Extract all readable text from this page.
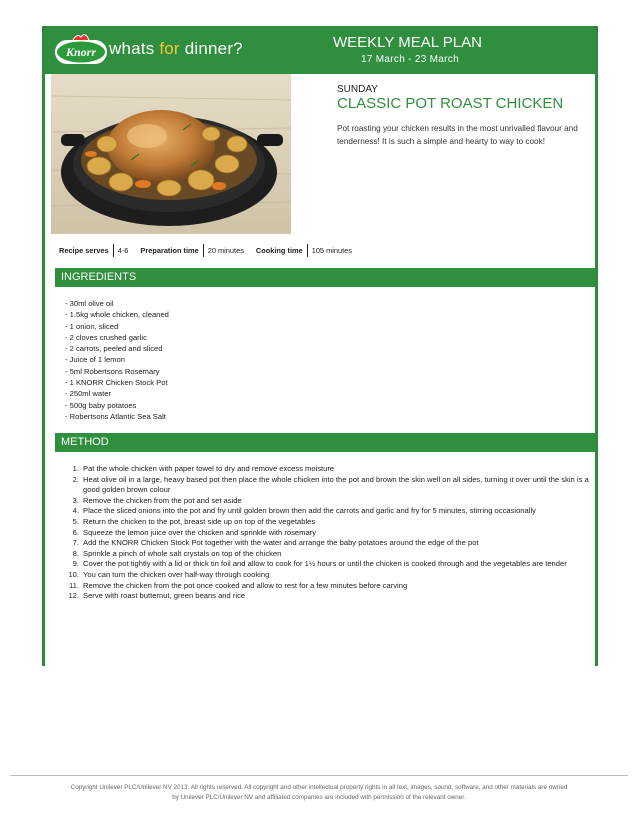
Knorr whats for dinner?	WEEKLY MEAL PLAN
17 March - 23 March
SUNDAY
CLASSIC POT ROAST CHICKEN
Pot roasting your chicken results in the most unrivalled flavour and tenderness! It is such a simple and hearty to way to cook!
Recipe serves 4-6 Preparation time 20 minutes Cooking time 105 minutes
INGREDIENTS
- 30ml olive oil
- 1.5kg whole chicken, cleaned
- 1 onion, sliced
- 2 cloves crushed garlic
- 2 carrots, peeled and sliced
- Juice of 1 lemon
- 5ml Robertsons Rosemary
- 1 KNORR Chicken Stock Pot
- 250ml water
- 500g baby potatoes
- Robertsons Atlantic Sea Salt
METHOD
1. Pat the whole chicken with paper towel to dry and remove excess moisture
2. Heat olive oil in a large, heavy based pot then place the whole chicken into the pot and brown the skin well on all sides, turning it over until the skin is a good golden brown colour
3. Remove the chicken from the pot and set aside
4. Place the sliced onions into the pot and fry until golden brown then add the carrots and garlic and fry for 5 minutes, stirring occasionally
5. Return the chicken to the pot, breast side up on top of the vegetables
6. Squeeze the lemon juice over the chicken and sprinkle with rosemary
7. Add the KNORR Chicken Stock Pot together with the water and arrange the baby potatoes around the edge of the pot
8. Sprinkle a pinch of whole salt crystals on top of the chicken
9. Cover the pot tightly with a lid or thick tin foil and allow to cook for 1½ hours or until the chicken is cooked through and the vegetables are tender
10. You can turn the chicken over half-way through cooking
11. Remove the chicken from the pot once cooked and allow to rest for a few minutes before carving
12. Serve with roast butternut, green beans and rice
Copyright Unilever PLC/Unilever NV 2013. All rights reserved. All copyright and other intellectual property rights in all text, images, sound, software, and other materials are owned
by Unilever PLC/Unilever NV and affiliated companies are included with permission of the relevant owner.
